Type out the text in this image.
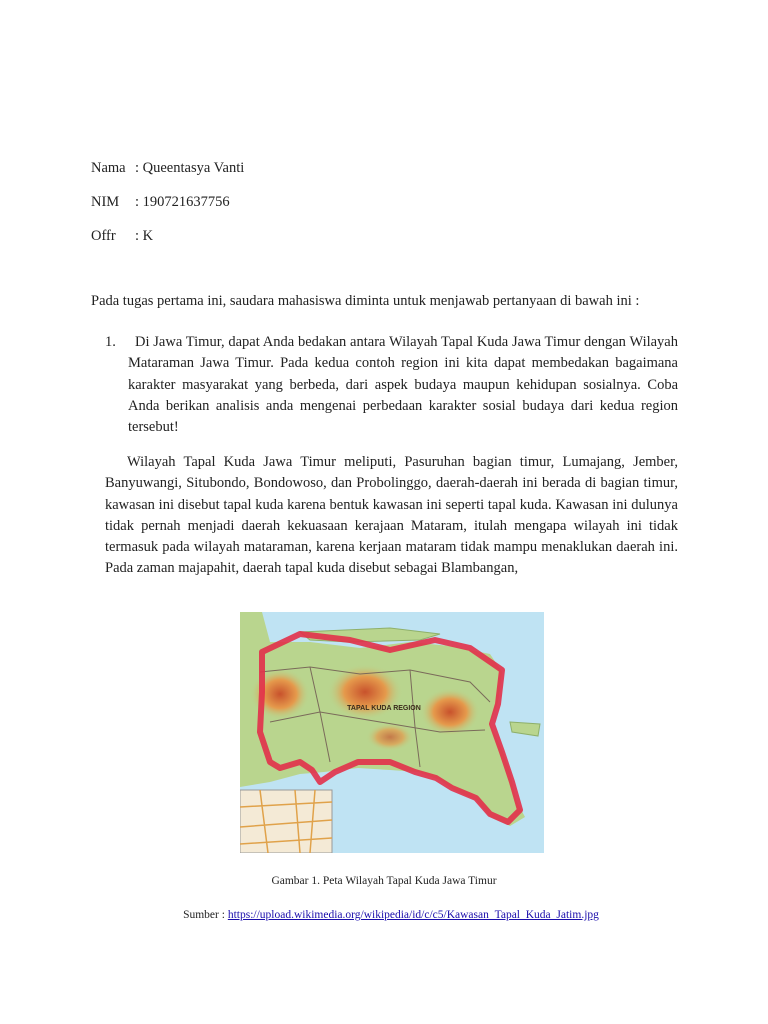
Nama : Queentasya Vanti
NIM : 190721637756
Offr : K
Pada tugas pertama ini, saudara mahasiswa diminta untuk menjawab pertanyaan di bawah ini :
1.	Di Jawa Timur, dapat Anda bedakan antara Wilayah Tapal Kuda Jawa Timur dengan Wilayah Mataraman Jawa Timur. Pada kedua contoh region ini kita dapat membedakan bagaimana karakter masyarakat yang berbeda, dari aspek budaya maupun kehidupan sosialnya. Coba Anda berikan analisis anda mengenai perbedaan karakter sosial budaya dari kedua region tersebut!
Wilayah Tapal Kuda Jawa Timur meliputi, Pasuruhan bagian timur, Lumajang, Jember, Banyuwangi, Situbondo, Bondowoso, dan Probolinggo, daerah-daerah ini berada di bagian timur, kawasan ini disebut tapal kuda karena bentuk kawasan ini seperti tapal kuda. Kawasan ini dulunya tidak pernah menjadi daerah kekuasaan kerajaan Mataram, itulah mengapa wilayah ini tidak termasuk pada wilayah mataraman, karena kerjaan mataram tidak mampu menaklukan daerah ini. Pada zaman majapahit, daerah tapal kuda disebut sebagai Blambangan,
TAPAL KUDA REGION
Gambar 1. Peta Wilayah Tapal Kuda Jawa Timur
Sumber : https://upload.wikimedia.org/wikipedia/id/c/c5/Kawasan_Tapal_Kuda_Jatim.jpg
